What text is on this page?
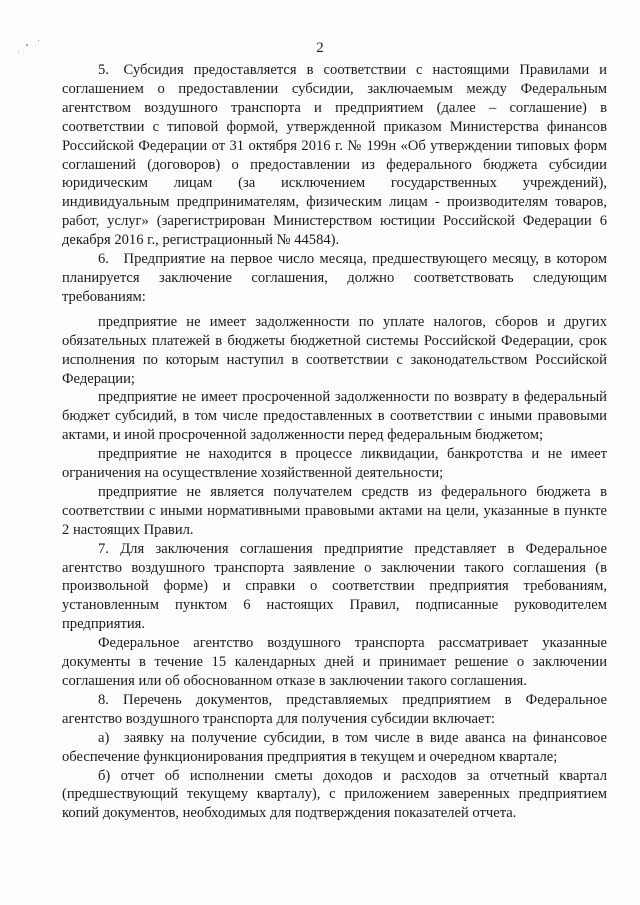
2

5. Субсидия предоставляется в соответствии с настоящими Правилами и соглашением о предоставлении субсидии, заключаемым между Федеральным агентством воздушного транспорта и предприятием (далее – соглашение) в соответствии с типовой формой, утвержденной приказом Министерства финансов Российской Федерации от 31 октября 2016 г. № 199н «Об утверждении типовых форм соглашений (договоров) о предоставлении из федерального бюджета субсидии юридическим лицам (за исключением государственных учреждений), индивидуальным предпринимателям, физическим лицам - производителям товаров, работ, услуг» (зарегистрирован Министерством юстиции Российской Федерации 6 декабря 2016 г., регистрационный № 44584).

6. Предприятие на первое число месяца, предшествующего месяцу, в котором планируется заключение соглашения, должно соответствовать следующим требованиям:

предприятие не имеет задолженности по уплате налогов, сборов и других обязательных платежей в бюджеты бюджетной системы Российской Федерации, срок исполнения по которым наступил в соответствии с законодательством Российской Федерации;

предприятие не имеет просроченной задолженности по возврату в федеральный бюджет субсидий, в том числе предоставленных в соответствии с иными правовыми актами, и иной просроченной задолженности перед федеральным бюджетом;

предприятие не находится в процессе ликвидации, банкротства и не имеет ограничения на осуществление хозяйственной деятельности;

предприятие не является получателем средств из федерального бюджета в соответствии с иными нормативными правовыми актами на цели, указанные в пункте 2 настоящих Правил.

7. Для заключения соглашения предприятие представляет в Федеральное агентство воздушного транспорта заявление о заключении такого соглашения (в произвольной форме) и справки о соответствии предприятия требованиям, установленным пунктом 6 настоящих Правил, подписанные руководителем предприятия.

Федеральное агентство воздушного транспорта рассматривает указанные документы в течение 15 календарных дней и принимает решение о заключении соглашения или об обоснованном отказе в заключении такого соглашения.

8. Перечень документов, представляемых предприятием в Федеральное агентство воздушного транспорта для получения субсидии включает:

а) заявку на получение субсидии, в том числе в виде аванса на финансовое обеспечение функционирования предприятия в текущем и очередном квартале;

б) отчет об исполнении сметы доходов и расходов за отчетный квартал (предшествующий текущему кварталу), с приложением заверенных предприятием копий документов, необходимых для подтверждения показателей отчета.
